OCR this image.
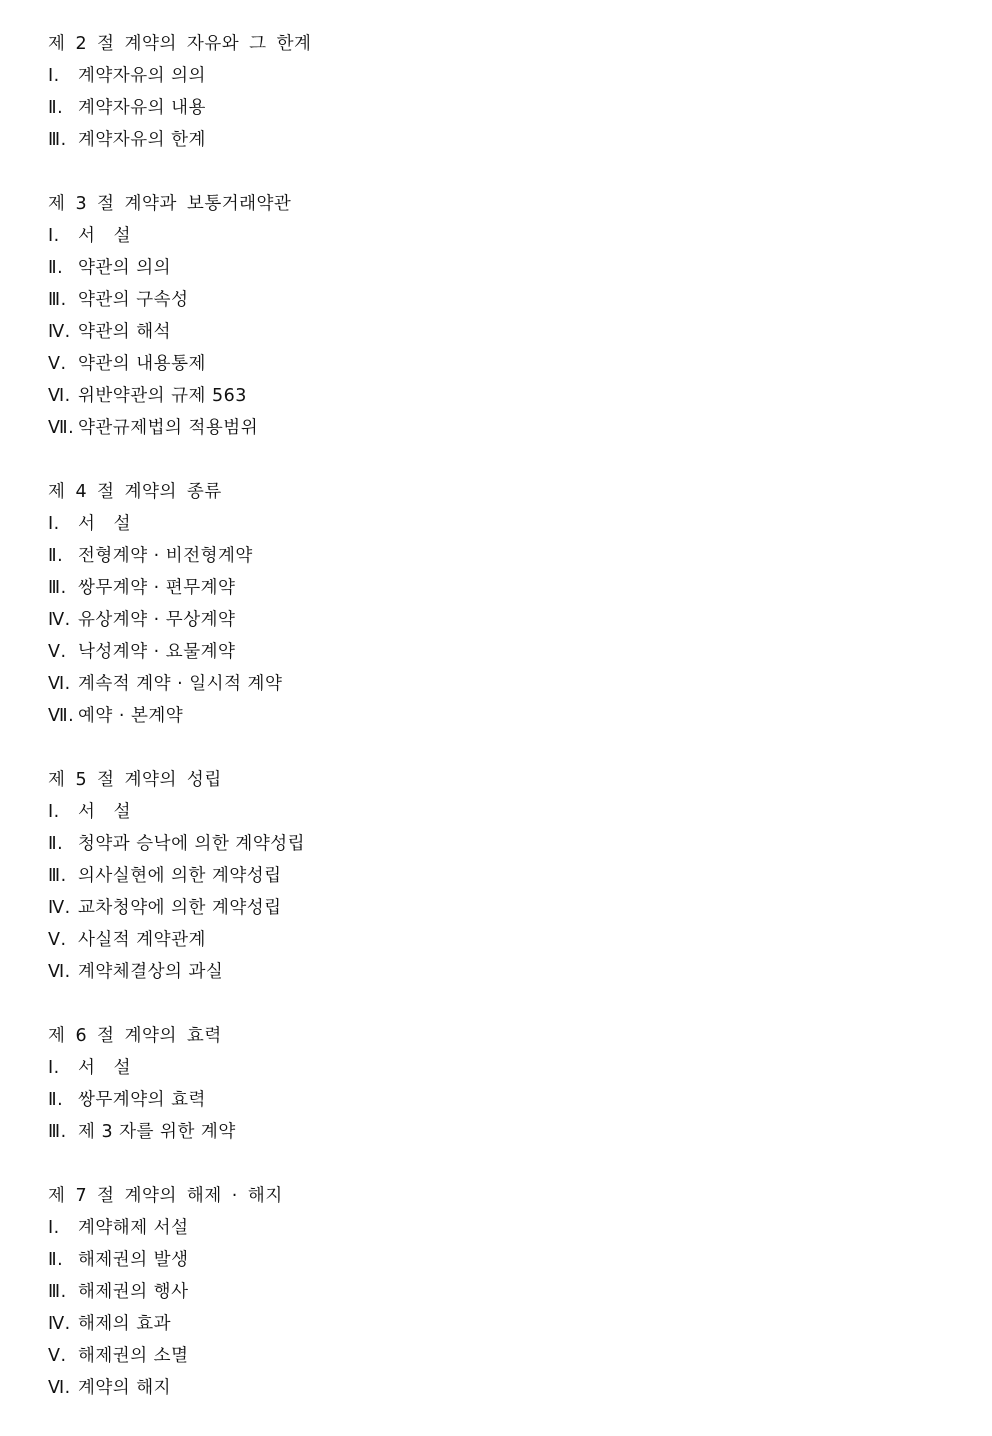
제 2 절 계약의 자유와 그 한계
Ⅰ. 계약자유의 의의
Ⅱ. 계약자유의 내용
Ⅲ. 계약자유의 한계
제 3 절 계약과 보통거래약관
Ⅰ. 서   설
Ⅱ. 약관의 의의
Ⅲ. 약관의 구속성
Ⅳ. 약관의 해석
Ⅴ. 약관의 내용통제
Ⅵ. 위반약관의 규제 563
Ⅶ. 약관규제법의 적용범위
제 4 절 계약의 종류
Ⅰ. 서   설
Ⅱ. 전형계약 · 비전형계약
Ⅲ. 쌍무계약 · 편무계약
Ⅳ. 유상계약 · 무상계약
Ⅴ. 낙성계약 · 요물계약
Ⅵ. 계속적 계약 · 일시적 계약
Ⅶ. 예약 · 본계약
제 5 절 계약의 성립
Ⅰ. 서   설
Ⅱ. 청약과 승낙에 의한 계약성립
Ⅲ. 의사실현에 의한 계약성립
Ⅳ. 교차청약에 의한 계약성립
Ⅴ. 사실적 계약관계
Ⅵ. 계약체결상의 과실
제 6 절 계약의 효력
Ⅰ. 서   설
Ⅱ. 쌍무계약의 효력
Ⅲ. 제 3 자를 위한 계약
제 7 절 계약의 해제 · 해지
Ⅰ. 계약해제 서설
Ⅱ. 해제권의 발생
Ⅲ. 해제권의 행사
Ⅳ. 해제의 효과
Ⅴ. 해제권의 소멸
Ⅵ. 계약의 해지
